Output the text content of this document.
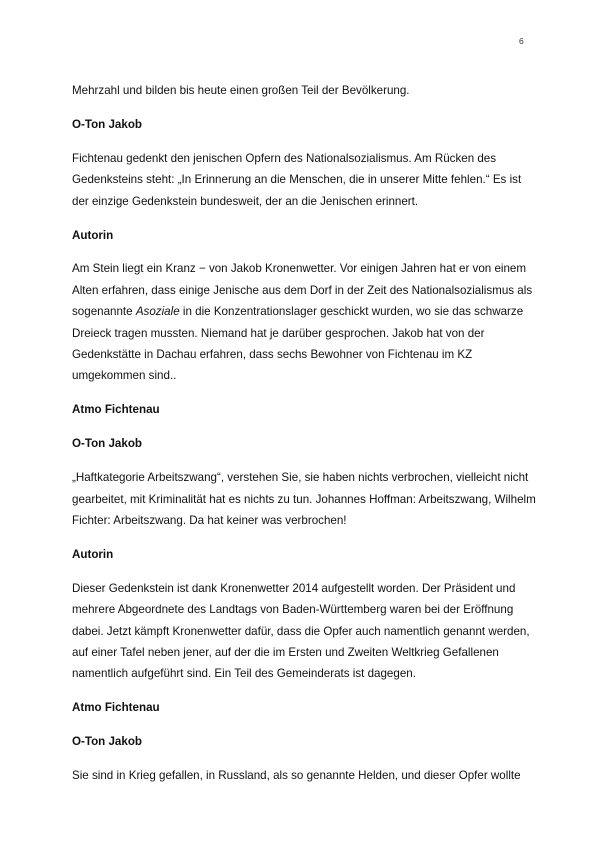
6

Mehrzahl und bilden bis heute einen großen Teil der Bevölkerung.

O-Ton Jakob

Fichtenau gedenkt den jenischen Opfern des Nationalsozialismus. Am Rücken des
Gedenksteins steht: „In Erinnerung an die Menschen, die in unserer Mitte fehlen.“ Es ist
der einzige Gedenkstein bundesweit, der an die Jenischen erinnert.

Autorin

Am Stein liegt ein Kranz − von Jakob Kronenwetter. Vor einigen Jahren hat er von einem
Alten erfahren, dass einige Jenische aus dem Dorf in der Zeit des Nationalsozialismus als
sogenannte Asoziale in die Konzentrationslager geschickt wurden, wo sie das schwarze
Dreieck tragen mussten. Niemand hat je darüber gesprochen. Jakob hat von der
Gedenkstätte in Dachau erfahren, dass sechs Bewohner von Fichtenau im KZ
umgekommen sind..

Atmo Fichtenau

O-Ton Jakob

„Haftkategorie Arbeitszwang“, verstehen Sie, sie haben nichts verbrochen, vielleicht nicht
gearbeitet, mit Kriminalität hat es nichts zu tun. Johannes Hoffman: Arbeitszwang, Wilhelm
Fichter: Arbeitszwang. Da hat keiner was verbrochen!

Autorin

Dieser Gedenkstein ist dank Kronenwetter 2014 aufgestellt worden. Der Präsident und
mehrere Abgeordnete des Landtags von Baden-Württemberg waren bei der Eröffnung
dabei. Jetzt kämpft Kronenwetter dafür, dass die Opfer auch namentlich genannt werden,
auf einer Tafel neben jener, auf der die im Ersten und Zweiten Weltkrieg Gefallenen
namentlich aufgeführt sind. Ein Teil des Gemeinderats ist dagegen.

Atmo Fichtenau

O-Ton Jakob

Sie sind in Krieg gefallen, in Russland, als so genannte Helden, und dieser Opfer wollte
